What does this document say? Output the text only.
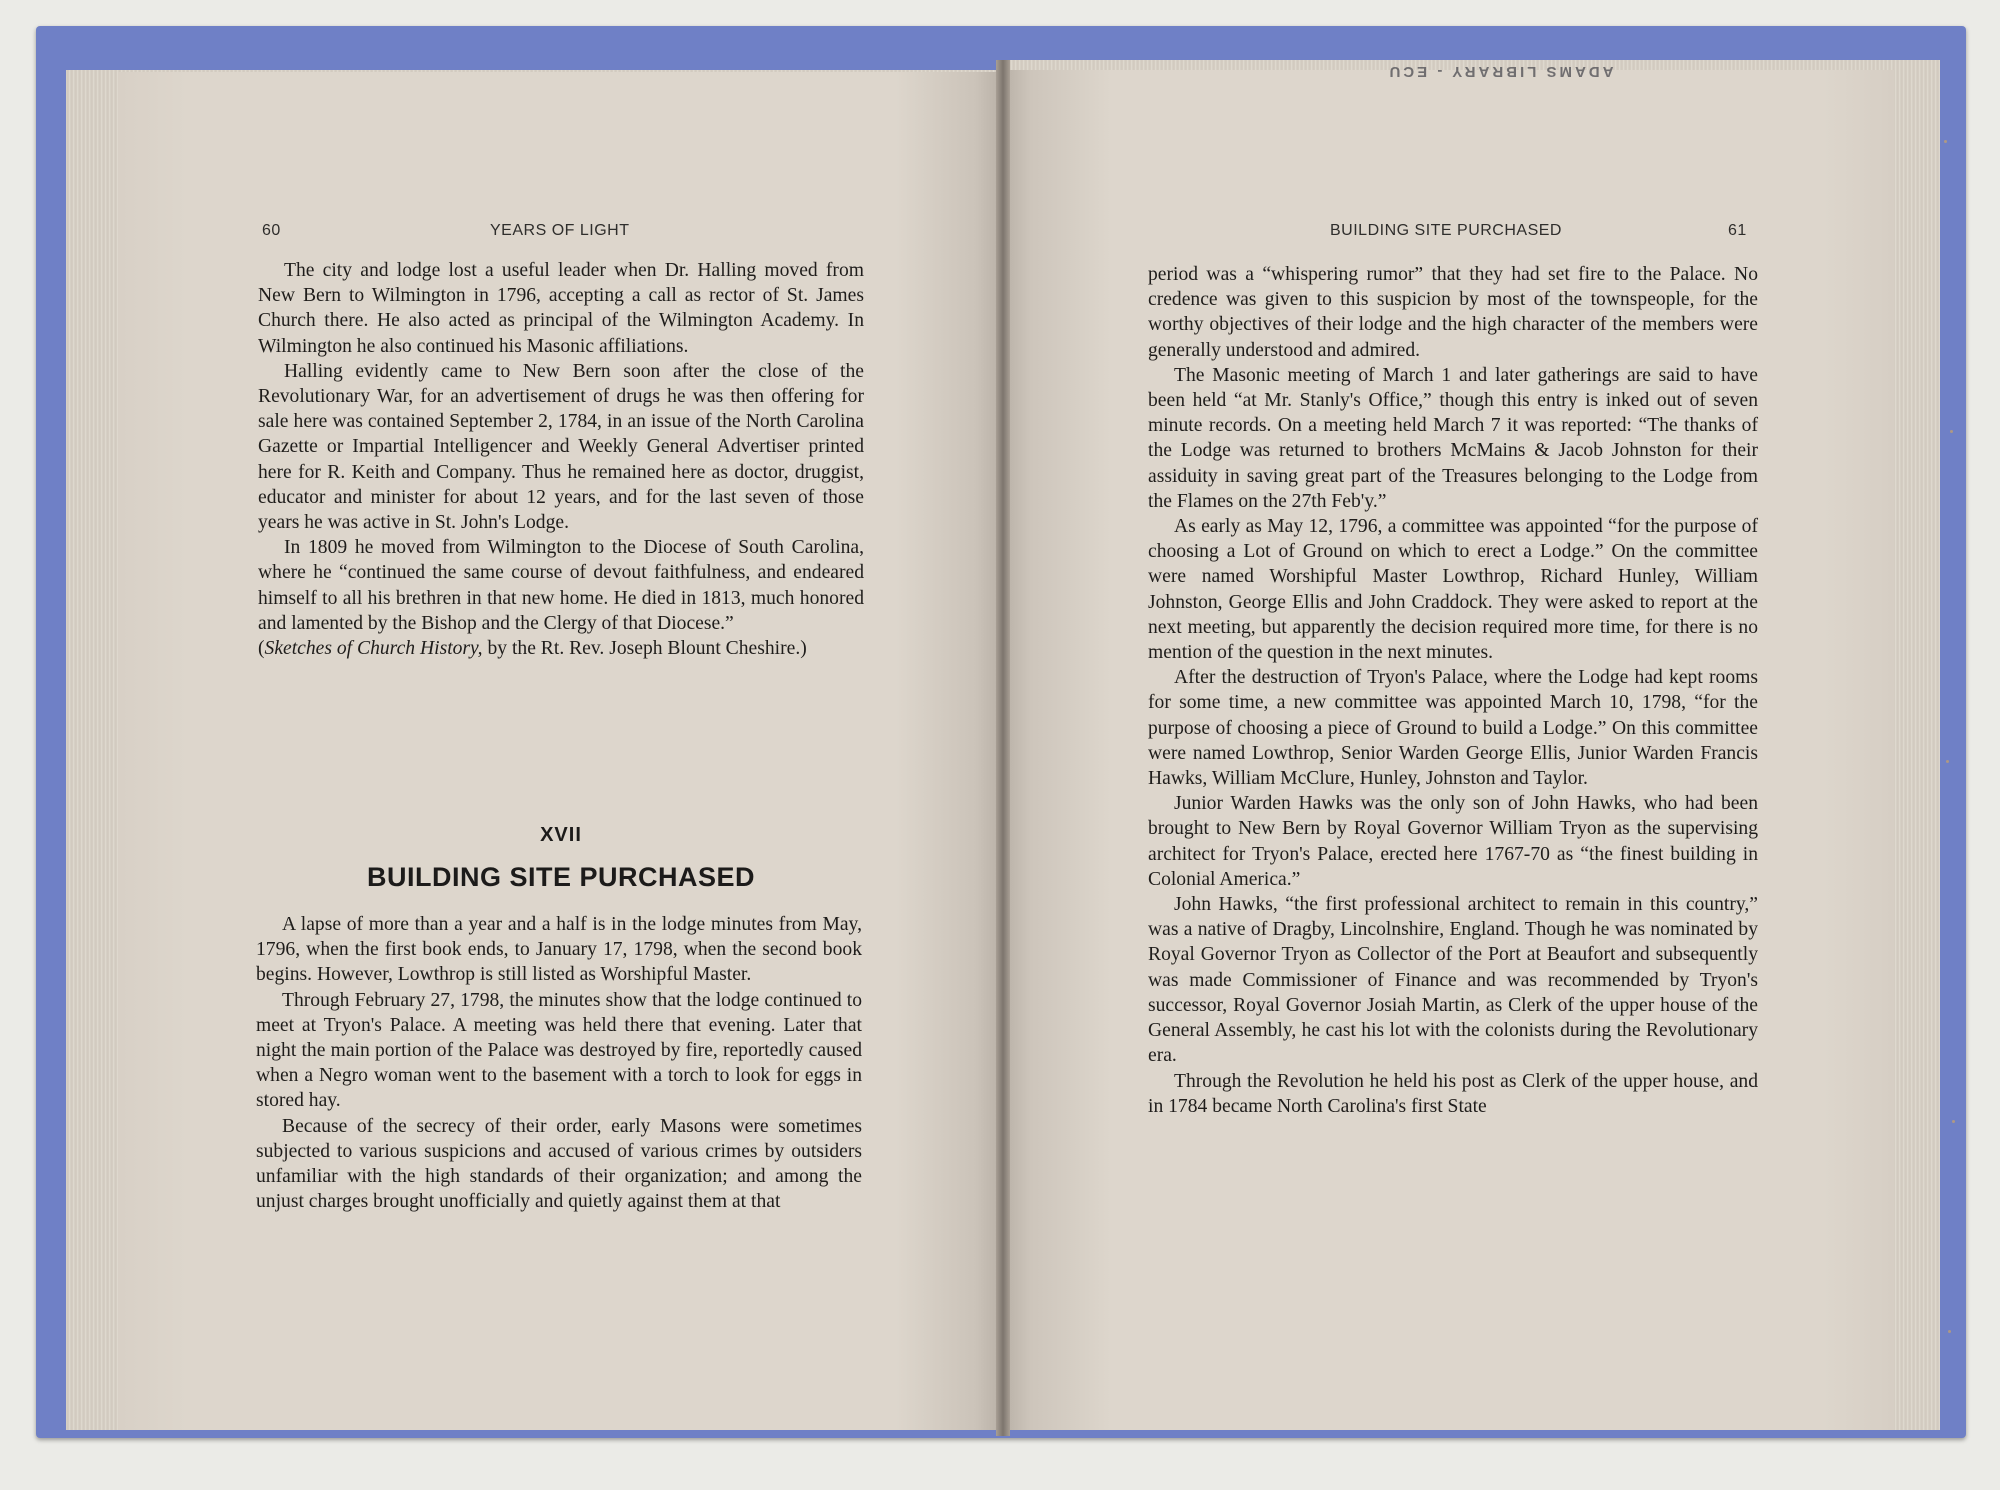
ADAMS LIBRARY - ECU
60	YEARS OF LIGHT	BUILDING SITE PURCHASED	61

The city and lodge lost a useful leader when Dr. Halling moved from New Bern to Wilmington in 1796, accepting a call as rector of St. James Church there. He also acted as principal of the Wilmington Academy. In Wilmington he also continued his Masonic affiliations.

Halling evidently came to New Bern soon after the close of the Revolutionary War, for an advertisement of drugs he was then offering for sale here was contained September 2, 1784, in an issue of the North Carolina Gazette or Impartial Intelligencer and Weekly General Advertiser printed here for R. Keith and Company. Thus he remained here as doctor, druggist, educator and minister for about 12 years, and for the last seven of those years he was active in St. John's Lodge.

In 1809 he moved from Wilmington to the Diocese of South Carolina, where he “continued the same course of devout faithfulness, and endeared himself to all his brethren in that new home. He died in 1813, much honored and lamented by the Bishop and the Clergy of that Diocese.”

(Sketches of Church History, by the Rt. Rev. Joseph Blount Cheshire.)

XVII
BUILDING SITE PURCHASED

A lapse of more than a year and a half is in the lodge minutes from May, 1796, when the first book ends, to January 17, 1798, when the second book begins. However, Lowthrop is still listed as Worshipful Master.

Through February 27, 1798, the minutes show that the lodge continued to meet at Tryon's Palace. A meeting was held there that evening. Later that night the main portion of the Palace was destroyed by fire, reportedly caused when a Negro woman went to the basement with a torch to look for eggs in stored hay.

Because of the secrecy of their order, early Masons were sometimes subjected to various suspicions and accused of various crimes by outsiders unfamiliar with the high standards of their organization; and among the unjust charges brought unofficially and quietly against them at that

period was a “whispering rumor” that they had set fire to the Palace. No credence was given to this suspicion by most of the townspeople, for the worthy objectives of their lodge and the high character of the members were generally understood and admired.

The Masonic meeting of March 1 and later gatherings are said to have been held “at Mr. Stanly's Office,” though this entry is inked out of seven minute records. On a meeting held March 7 it was reported: “The thanks of the Lodge was returned to brothers McMains & Jacob Johnston for their assiduity in saving great part of the Treasures belonging to the Lodge from the Flames on the 27th Feb'y.”

As early as May 12, 1796, a committee was appointed “for the purpose of choosing a Lot of Ground on which to erect a Lodge.” On the committee were named Worshipful Master Lowthrop, Richard Hunley, William Johnston, George Ellis and John Craddock. They were asked to report at the next meeting, but apparently the decision required more time, for there is no mention of the question in the next minutes.

After the destruction of Tryon's Palace, where the Lodge had kept rooms for some time, a new committee was appointed March 10, 1798, “for the purpose of choosing a piece of Ground to build a Lodge.” On this committee were named Lowthrop, Senior Warden George Ellis, Junior Warden Francis Hawks, William McClure, Hunley, Johnston and Taylor.

Junior Warden Hawks was the only son of John Hawks, who had been brought to New Bern by Royal Governor William Tryon as the supervising architect for Tryon's Palace, erected here 1767-70 as “the finest building in Colonial America.”

John Hawks, “the first professional architect to remain in this country,” was a native of Dragby, Lincolnshire, England. Though he was nominated by Royal Governor Tryon as Collector of the Port at Beaufort and subsequently was made Commissioner of Finance and was recommended by Tryon's successor, Royal Governor Josiah Martin, as Clerk of the upper house of the General Assembly, he cast his lot with the colonists during the Revolutionary era.

Through the Revolution he held his post as Clerk of the upper house, and in 1784 became North Carolina's first State
